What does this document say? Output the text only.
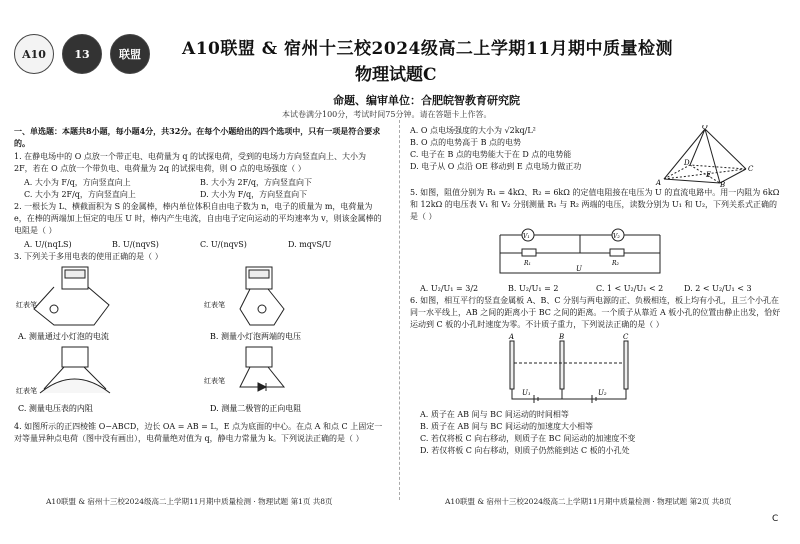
A10	13	联盟 A10联盟 & 宿州十三校2024级高二上学期11月期中质量检测
物理试题C
命题、编审单位：合肥皖智教育研究院
本试卷满分100分，考试时间75分钟。请在答题卡上作答。
一、单选题：本题共8小题，每小题4分，共32分。在每个小题给出的四个选项中，只有一项是符合要求的。
1. 在静电场中的 O 点放一个带正电、电荷量为 q 的试探电荷，受到的电场力方向竖直向上、大小为 2F，若在 O 点放一个带负电、电荷量为 2q 的试探电荷，则 O 点的电场强度（ ）
A. 大小为 F/q，方向竖直向上	B. 大小为 2F/q，方向竖直向下
C. 大小为 2F/q，方向竖直向上	D. 大小为 F/q，方向竖直向下
2. 一根长为 L、横截面积为 S 的金属棒，棒内单位体积自由电子数为 n，电子的质量为 m，电荷量为 e，在棒的两端加上恒定的电压 U 时，棒内产生电流，自由电子定向运动的平均速率为 v，则该金属棒的电阻是（ ）
A. U/(nqLS)	B. U/(nqvS)	C. U/(nqvS)	D. mqvS/U
3. 下列关于多用电表的使用正确的是（ ）
红表笔
A. 测量通过小灯泡的电流
红表笔
B. 测量小灯泡两端的电压
红表笔
C. 测量电压表的内阻
红表笔
D. 测量二极管的正向电阻
4. 如图所示的正四棱锥 O−ABCD，边长 OA = AB = L，E 点为底面的中心。在点 A 和点 C 上固定一对等量异种点电荷（图中没有画出），电荷量绝对值为 q，静电力常量为 k。下列说法正确的是（ ）
A. O 点电场强度的大小为 √2kq/L²
B. O 点的电势高于 B 点的电势
C. 电子在 B 点的电势能大于在 D 点的电势能
D. 电子从 O 点沿 OE 移动到 E 点电场力做正功
O
A	B
C
D
E
5. 如图，阻值分别为 R₁ = 4kΩ、R₂ = 6kΩ 的定值电阻接在电压为 U 的直流电路中。用一内阻为 6kΩ 和 12kΩ 的电压表 V₁ 和 V₂ 分别测量 R₁ 与 R₂ 两端的电压，读数分别为 U₁ 和 U₂，下列关系式正确的是（ ）
V₁	V₂
R₁	R₂
U
A. U₂/U₁ = 3/2	B. U₂/U₁ = 2	C. 1 < U₂/U₁ < 2	D. 2 < U₂/U₁ < 3
6. 如图，相互平行的竖直金属板 A、B、C 分别与两电源的正、负极相连，板上均有小孔，且三个小孔在同一水平线上，AB 之间的距离小于 BC 之间的距离。一个质子从靠近 A 板小孔的位置由静止出发，恰好运动到 C 板的小孔时速度为零。不计质子重力，下列说法正确的是（ ）
A	B	C
U₁	U₂
A. 质子在 AB 间与 BC 间运动的时间相等
B. 质子在 AB 间与 BC 间运动的加速度大小相等
C. 若仅将板 C 向右移动，则质子在 BC 间运动的加速度不变
D. 若仅将板 C 向右移动，则质子仍然能到达 C 板的小孔处
A10联盟 & 宿州十三校2024级高二上学期11月期中质量检测 · 物理试题 第1页 共8页	A10联盟 & 宿州十三校2024级高二上学期11月期中质量检测 · 物理试题 第2页 共8页
C
